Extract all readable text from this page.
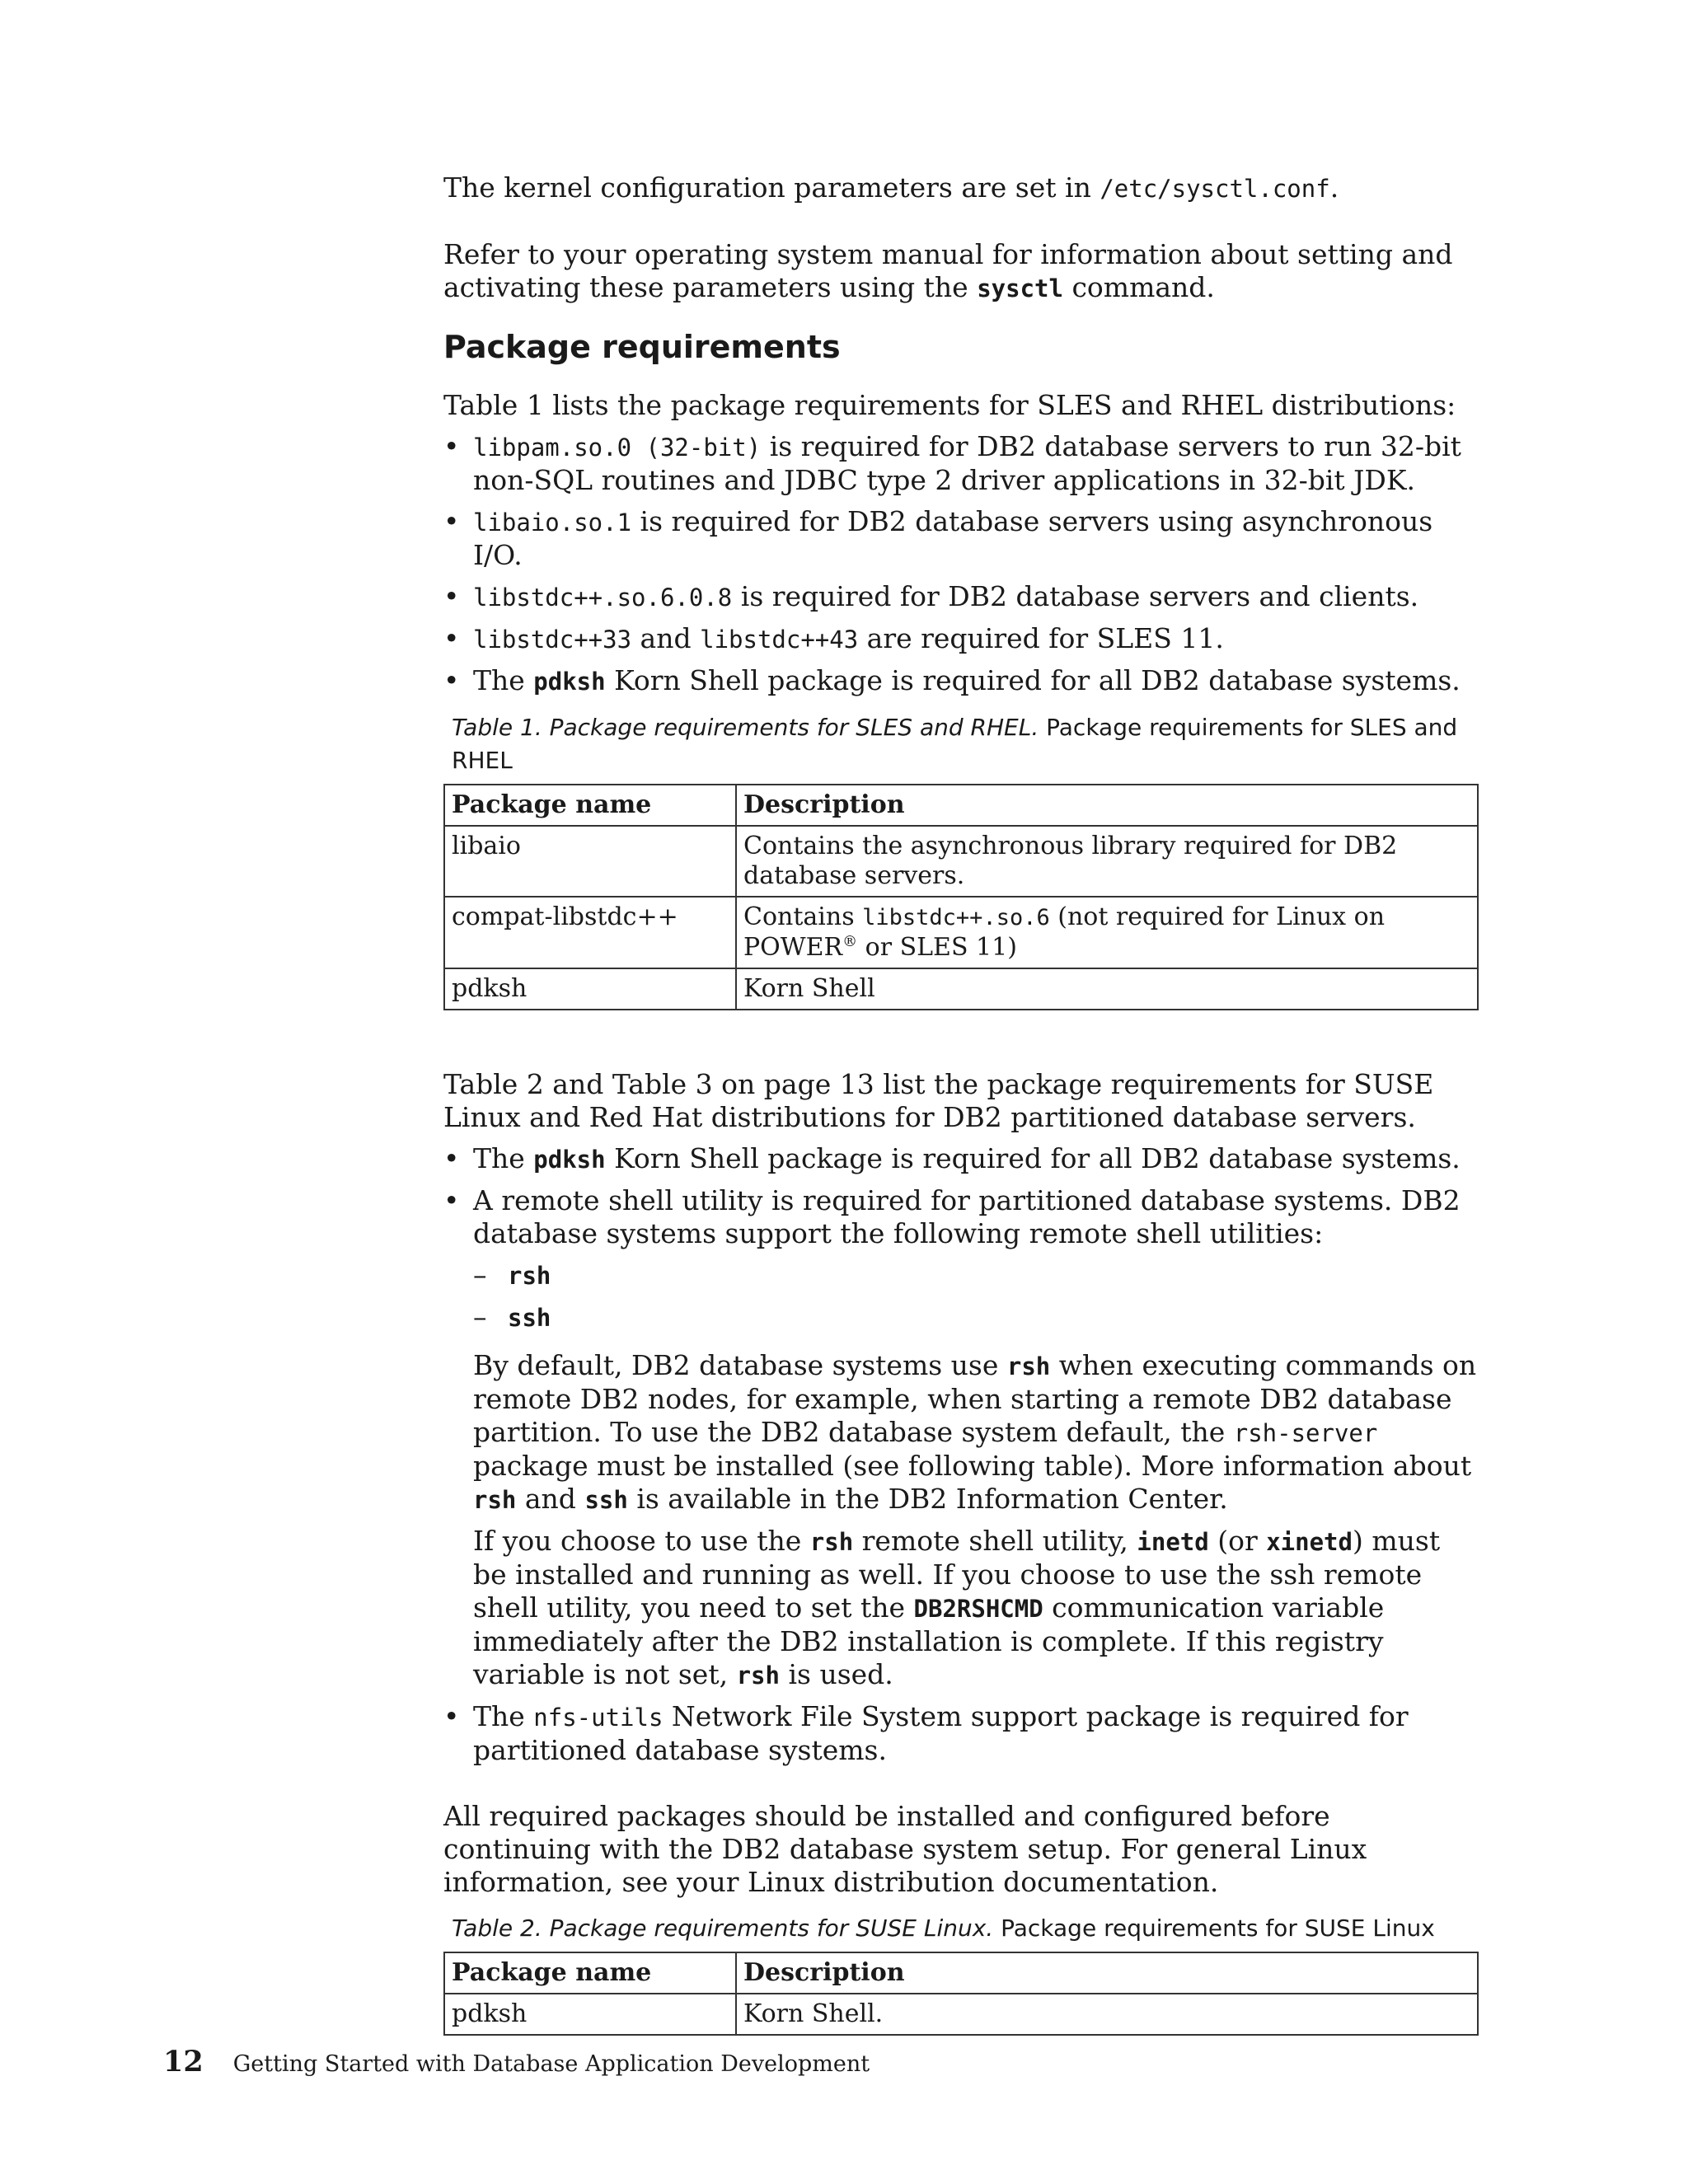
The kernel configuration parameters are set in /etc/sysctl.conf.

Refer to your operating system manual for information about setting and activating these parameters using the sysctl command.

Package requirements

Table 1 lists the package requirements for SLES and RHEL distributions:

• libpam.so.0 (32-bit) is required for DB2 database servers to run 32-bit non-SQL routines and JDBC type 2 driver applications in 32-bit JDK.
• libaio.so.1 is required for DB2 database servers using asynchronous I/O.
• libstdc++.so.6.0.8 is required for DB2 database servers and clients.
• libstdc++33 and libstdc++43 are required for SLES 11.
• The pdksh Korn Shell package is required for all DB2 database systems.

Table 1. Package requirements for SLES and RHEL. Package requirements for SLES and RHEL

Package name	Description
libaio	Contains the asynchronous library required for DB2 database servers.
compat-libstdc++	Contains libstdc++.so.6 (not required for Linux on POWER® or SLES 11)
pdksh	Korn Shell

Table 2 and Table 3 on page 13 list the package requirements for SUSE Linux and Red Hat distributions for DB2 partitioned database servers.

• The pdksh Korn Shell package is required for all DB2 database systems.
• A remote shell utility is required for partitioned database systems. DB2 database systems support the following remote shell utilities:
– rsh
– ssh

By default, DB2 database systems use rsh when executing commands on remote DB2 nodes, for example, when starting a remote DB2 database partition. To use the DB2 database system default, the rsh-server package must be installed (see following table). More information about rsh and ssh is available in the DB2 Information Center.

If you choose to use the rsh remote shell utility, inetd (or xinetd) must be installed and running as well. If you choose to use the ssh remote shell utility, you need to set the DB2RSHCMD communication variable immediately after the DB2 installation is complete. If this registry variable is not set, rsh is used.

• The nfs-utils Network File System support package is required for partitioned database systems.

All required packages should be installed and configured before continuing with the DB2 database system setup. For general Linux information, see your Linux distribution documentation.

Table 2. Package requirements for SUSE Linux. Package requirements for SUSE Linux

Package name	Description
pdksh	Korn Shell.
12 Getting Started with Database Application Development
